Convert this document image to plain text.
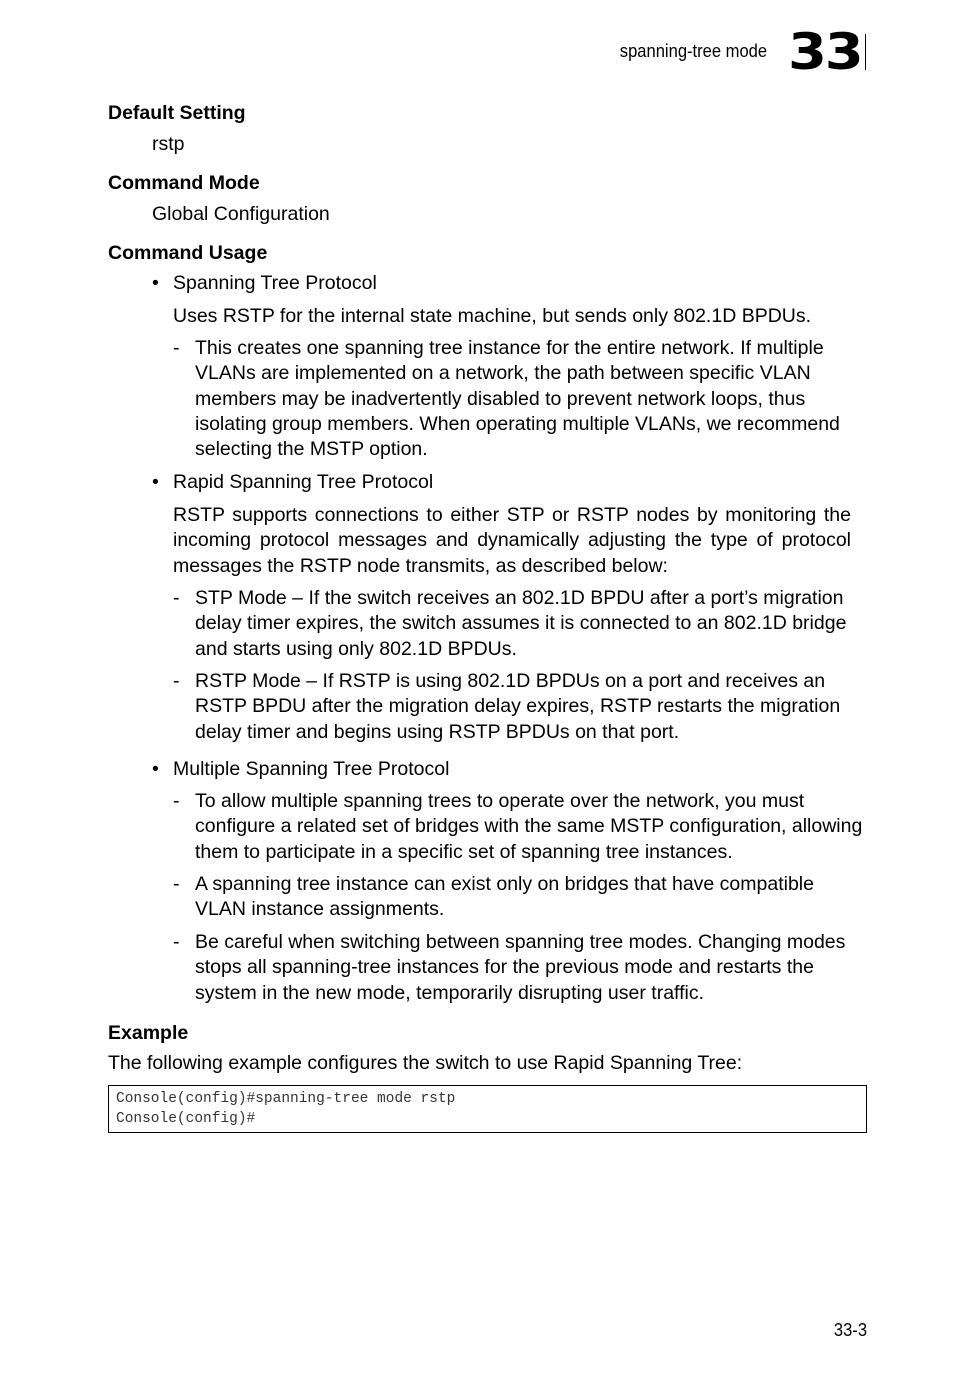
spanning-tree mode 33
Default Setting
rstp
Command Mode
Global Configuration
Command Usage
• Spanning Tree Protocol
Uses RSTP for the internal state machine, but sends only 802.1D BPDUs.
- This creates one spanning tree instance for the entire network. If multiple VLANs are implemented on a network, the path between specific VLAN members may be inadvertently disabled to prevent network loops, thus isolating group members. When operating multiple VLANs, we recommend selecting the MSTP option.
• Rapid Spanning Tree Protocol
RSTP supports connections to either STP or RSTP nodes by monitoring the incoming protocol messages and dynamically adjusting the type of protocol messages the RSTP node transmits, as described below:
- STP Mode – If the switch receives an 802.1D BPDU after a port’s migration delay timer expires, the switch assumes it is connected to an 802.1D bridge and starts using only 802.1D BPDUs.
- RSTP Mode – If RSTP is using 802.1D BPDUs on a port and receives an RSTP BPDU after the migration delay expires, RSTP restarts the migration delay timer and begins using RSTP BPDUs on that port.
• Multiple Spanning Tree Protocol
- To allow multiple spanning trees to operate over the network, you must configure a related set of bridges with the same MSTP configuration, allowing them to participate in a specific set of spanning tree instances.
- A spanning tree instance can exist only on bridges that have compatible VLAN instance assignments.
- Be careful when switching between spanning tree modes. Changing modes stops all spanning-tree instances for the previous mode and restarts the system in the new mode, temporarily disrupting user traffic.
Example
The following example configures the switch to use Rapid Spanning Tree:
Console(config)#spanning-tree mode rstp
Console(config)#
33-3
